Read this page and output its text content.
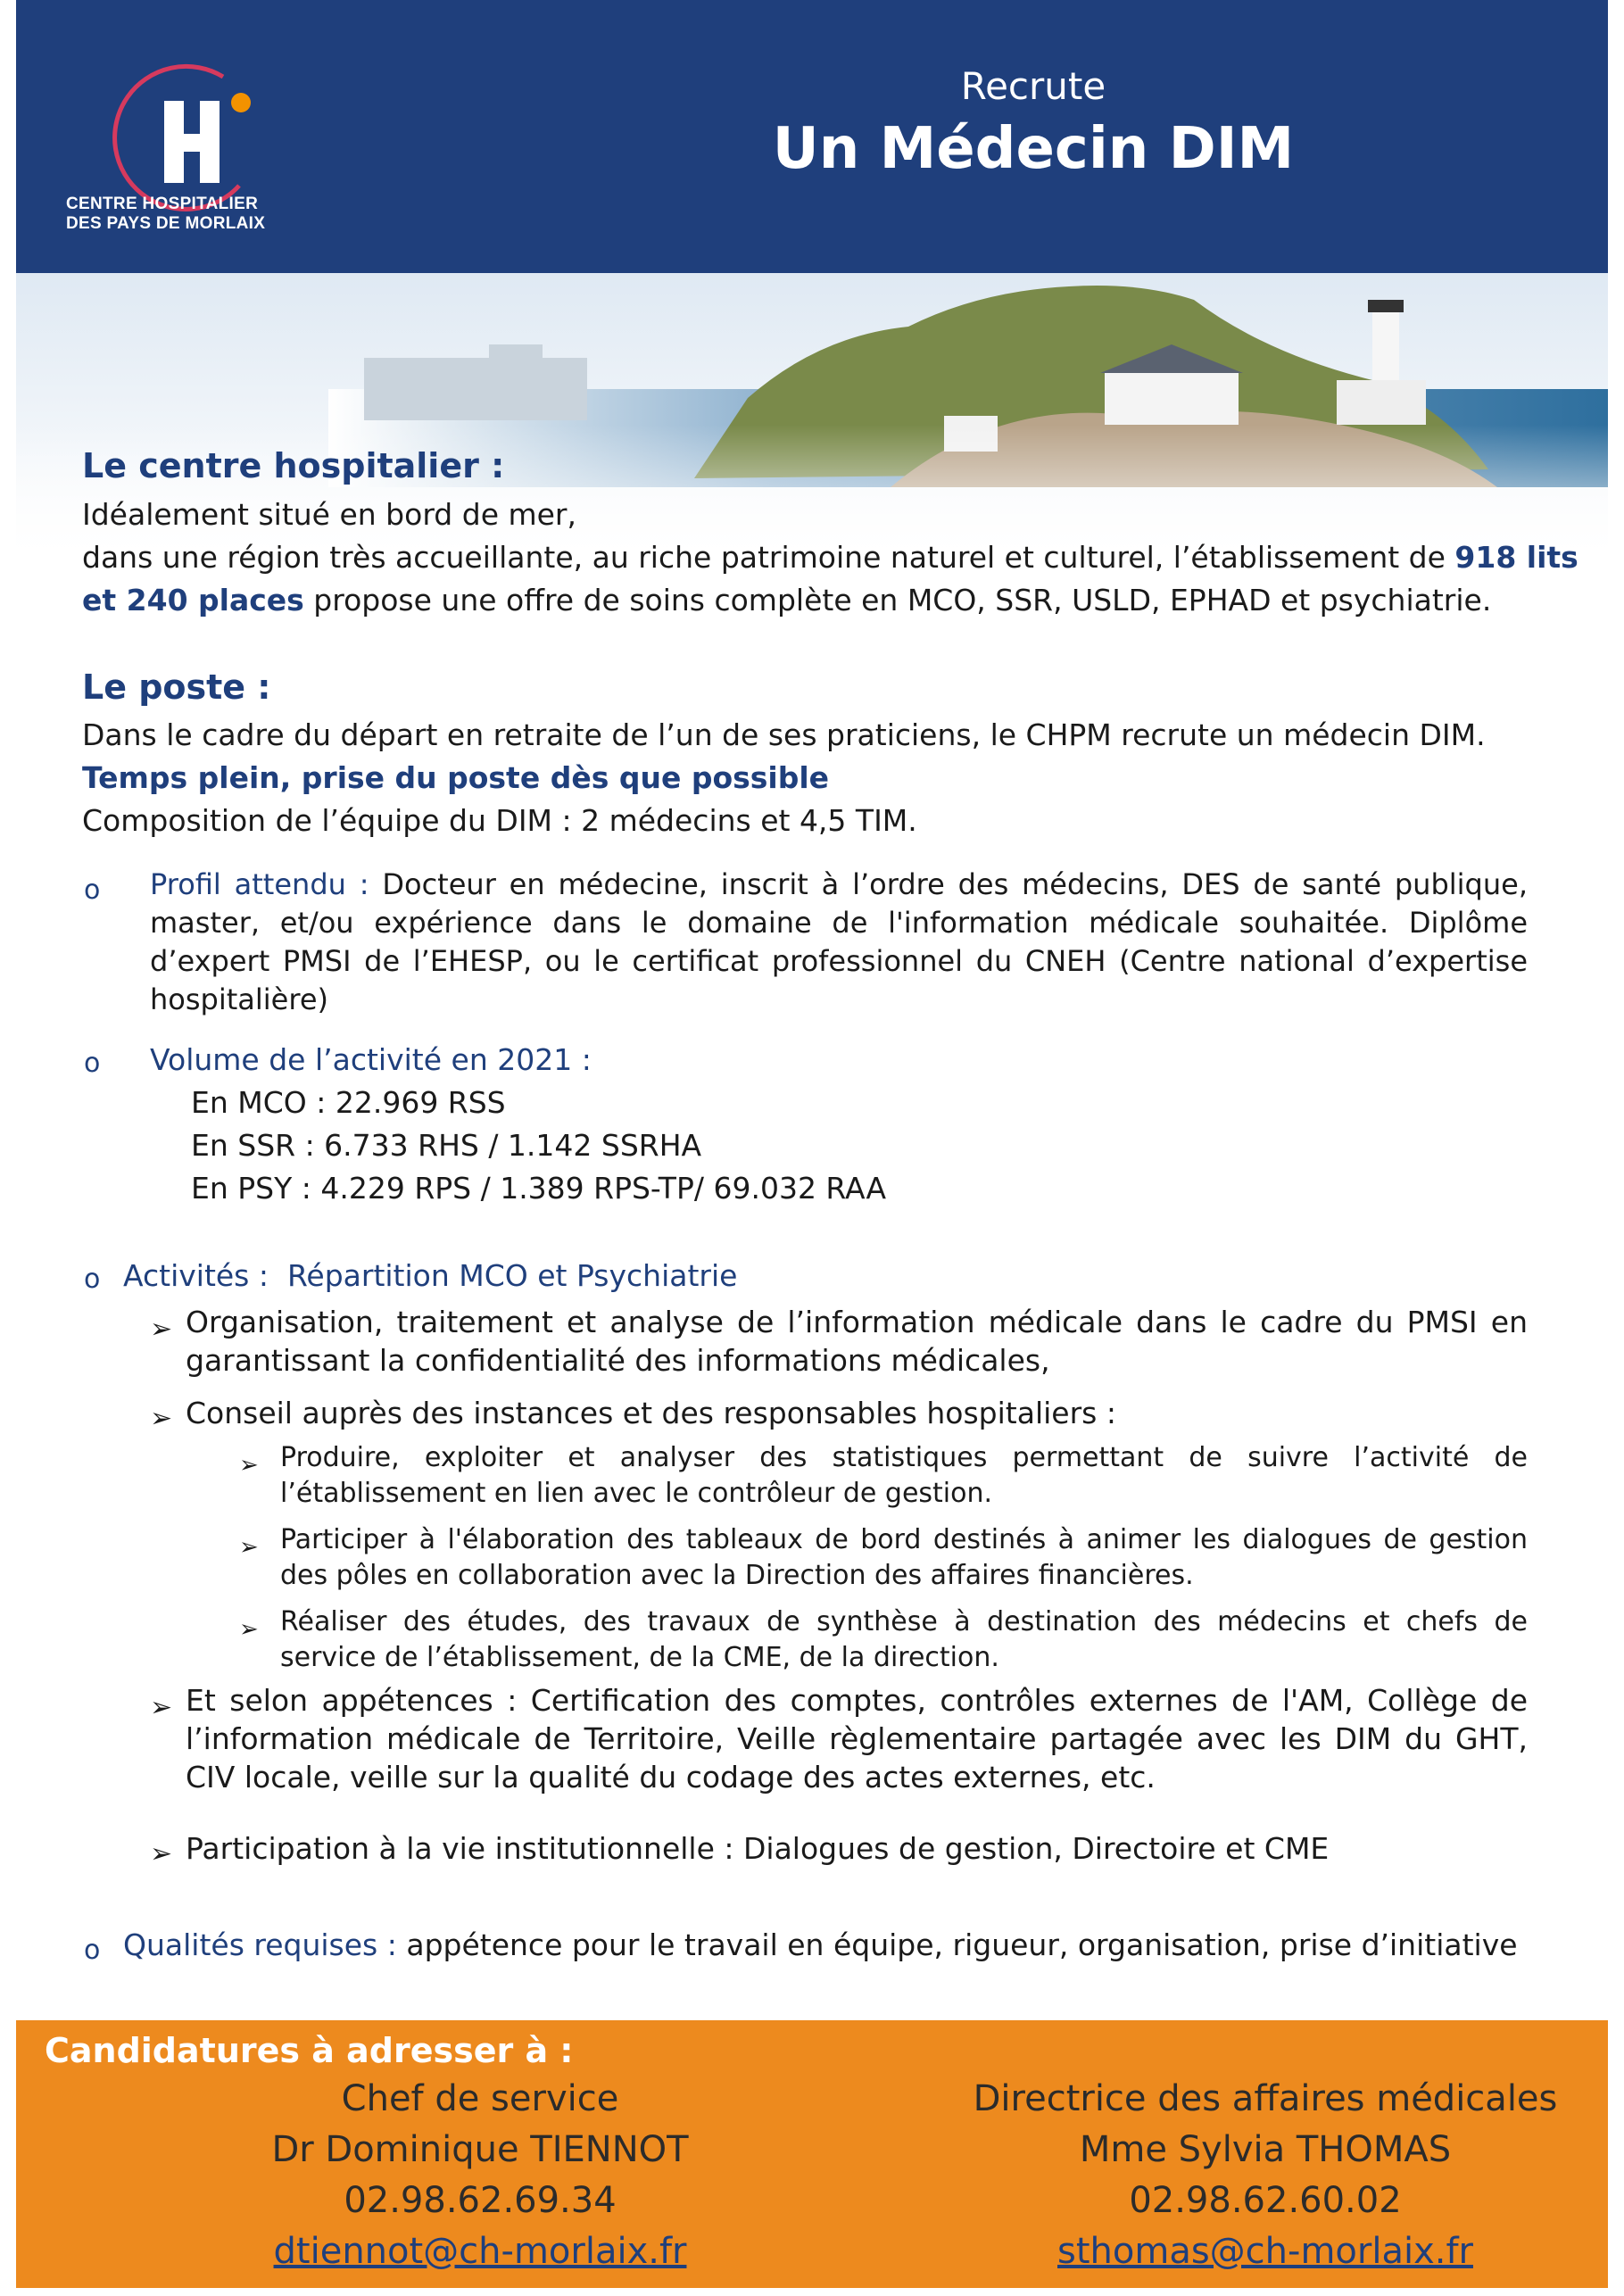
CENTRE HOSPITALIER
DES PAYS DE MORLAIX
Recrute
Un Médecin DIM
Le centre hospitalier :
Idéalement situé en bord de mer,
dans une région très accueillante, au riche patrimoine naturel et culturel, l’établissement de 918 lits
et 240 places propose une offre de soins complète en MCO, SSR, USLD, EPHAD et psychiatrie.
Le poste :
Dans le cadre du départ en retraite de l’un de ses praticiens, le CHPM recrute un médecin DIM.
Temps plein, prise du poste dès que possible
Composition de l’équipe du DIM : 2 médecins et 4,5 TIM.
o Profil attendu : Docteur en médecine, inscrit à l’ordre des médecins, DES de santé publique, master, et/ou expérience dans le domaine de l'information médicale souhaitée. Diplôme d’expert PMSI de l’EHESP, ou le certificat professionnel du CNEH (Centre national d’expertise hospitalière)
o Volume de l’activité en 2021 :
En MCO : 22.969 RSS
En SSR : 6.733 RHS / 1.142 SSRHA
En PSY : 4.229 RPS / 1.389 RPS-TP/ 69.032 RAA
o Activités :  Répartition MCO et Psychiatrie
➢ Organisation, traitement et analyse de l’information médicale dans le cadre du PMSI en garantissant la confidentialité des informations médicales,
➢ Conseil auprès des instances et des responsables hospitaliers :
➢ Produire, exploiter et analyser des statistiques permettant de suivre l’activité de l’établissement en lien avec le contrôleur de gestion.
➢ Participer à l'élaboration des tableaux de bord destinés à animer les dialogues de gestion des pôles en collaboration avec la Direction des affaires financières.
➢ Réaliser des études, des travaux de synthèse à destination des médecins et chefs de service de l’établissement, de la CME, de la direction.
➢ Et selon appétences : Certification des comptes, contrôles externes de l'AM, Collège de l’information médicale de Territoire, Veille règlementaire partagée avec les DIM du GHT, CIV locale, veille sur la qualité du codage des actes externes, etc.
➢ Participation à la vie institutionnelle : Dialogues de gestion, Directoire et CME
o Qualités requises : appétence pour le travail en équipe, rigueur, organisation, prise d’initiative
Candidatures à adresser à :
Chef de service
Dr Dominique TIENNOT
02.98.62.69.34
dtiennot@ch-morlaix.fr
Directrice des affaires médicales
Mme Sylvia THOMAS
02.98.62.60.02
sthomas@ch-morlaix.fr
